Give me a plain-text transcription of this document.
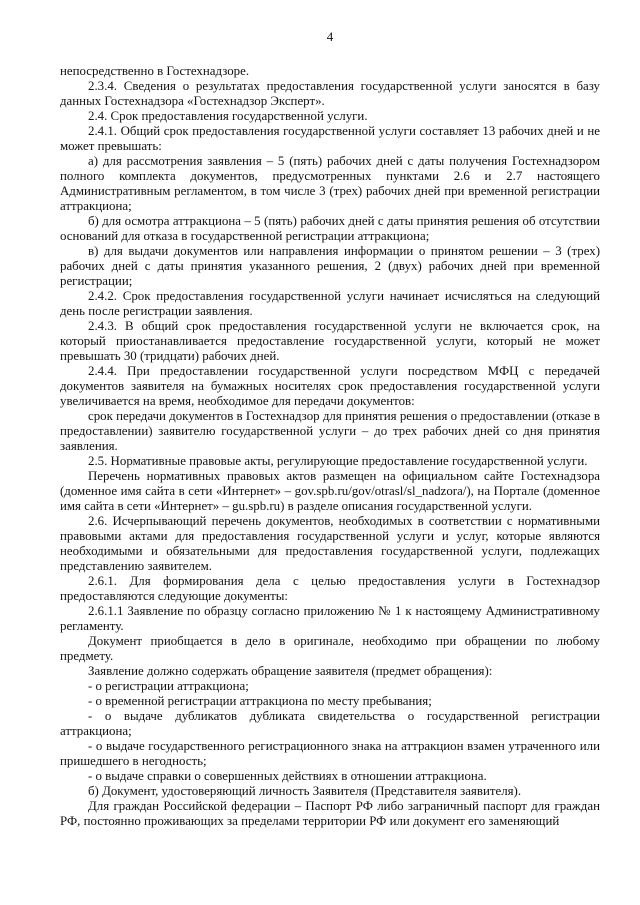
4

непосредственно в Гостехнадзоре.

2.3.4. Сведения о результатах предоставления государственной услуги заносятся в базу данных Гостехнадзора «Гостехнадзор Эксперт».

2.4. Срок предоставления государственной услуги.

2.4.1. Общий срок предоставления государственной услуги составляет 13 рабочих дней и не может превышать:

а) для рассмотрения заявления – 5 (пять) рабочих дней с даты получения Гостехнадзором полного комплекта документов, предусмотренных пунктами 2.6 и 2.7 настоящего Административным регламентом, в том числе 3 (трех) рабочих дней при временной регистрации аттракциона;

б) для осмотра аттракциона – 5 (пять) рабочих дней с даты принятия решения об отсутствии оснований для отказа в государственной регистрации аттракциона;

в) для выдачи документов или направления информации о принятом решении – 3 (трех) рабочих дней с даты принятия указанного решения, 2 (двух) рабочих дней при временной регистрации;

2.4.2. Срок предоставления государственной услуги начинает исчисляться на следующий день после регистрации заявления.

2.4.3. В общий срок предоставления государственной услуги не включается срок, на который приостанавливается предоставление государственной услуги, который не может превышать 30 (тридцати) рабочих дней.

2.4.4. При предоставлении государственной услуги посредством МФЦ с передачей документов заявителя на бумажных носителях срок предоставления государственной услуги увеличивается на время, необходимое для передачи документов:

срок передачи документов в Гостехнадзор для принятия решения о предоставлении (отказе в предоставлении) заявителю государственной услуги – до трех рабочих дней со дня принятия заявления.

2.5. Нормативные правовые акты, регулирующие предоставление государственной услуги.

Перечень нормативных правовых актов размещен на официальном сайте Гостехнадзора (доменное имя сайта в сети «Интернет» – gov.spb.ru/gov/otrasl/sl_nadzora/), на Портале (доменное имя сайта в сети «Интернет» – gu.spb.ru) в разделе описания государственной услуги.

2.6. Исчерпывающий перечень документов, необходимых в соответствии с нормативными правовыми актами для предоставления государственной услуги и услуг, которые являются необходимыми и обязательными для предоставления государственной услуги, подлежащих представлению заявителем.

2.6.1. Для формирования дела с целью предоставления услуги в Гостехнадзор предоставляются следующие документы:

2.6.1.1 Заявление по образцу согласно приложению № 1 к настоящему Административному регламенту.

Документ приобщается в дело в оригинале, необходимо при обращении по любому предмету.

Заявление должно содержать обращение заявителя (предмет обращения):

- о регистрации аттракциона;

- о временной регистрации аттракциона по месту пребывания;

- о выдаче дубликатов дубликата свидетельства о государственной регистрации аттракциона;

- о выдаче государственного регистрационного знака на аттракцион взамен утраченного или пришедшего в негодность;

- о выдаче справки о совершенных действиях в отношении аттракциона.

б) Документ, удостоверяющий личность Заявителя (Представителя заявителя).

Для граждан Российской федерации – Паспорт РФ либо заграничный паспорт для граждан РФ, постоянно проживающих за пределами территории РФ или документ его заменяющий
